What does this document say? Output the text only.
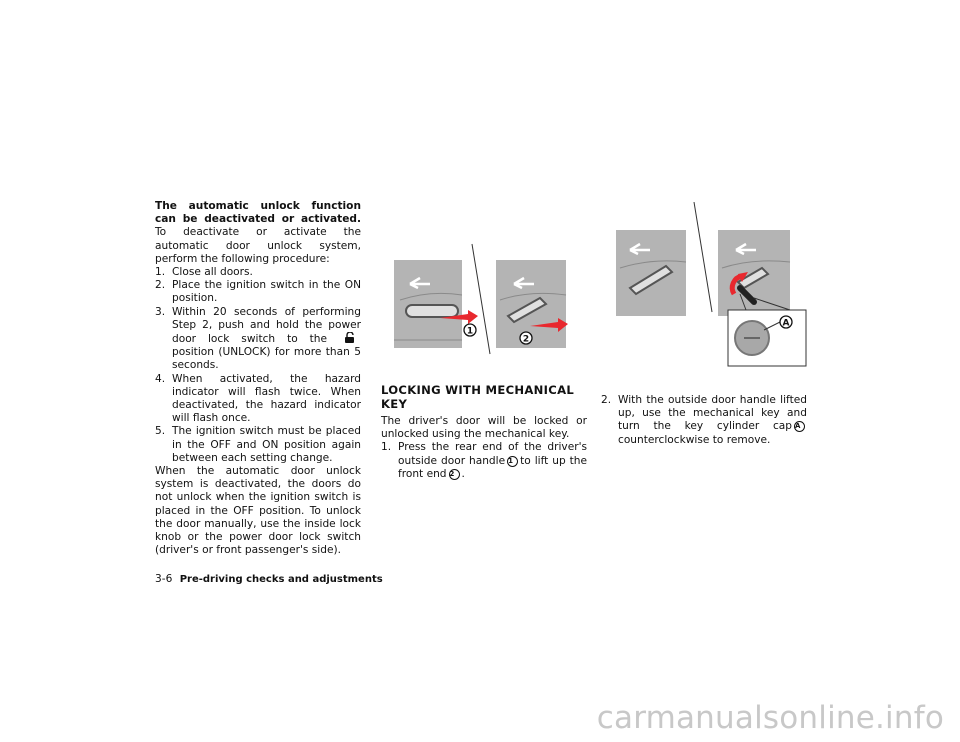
The automatic unlock function can be deactivated or activated. To deactivate or activate the automatic door unlock system, perform the following procedure:

1. Close all doors.
2. Place the ignition switch in the ON position.
3. Within 20 seconds of performing Step 2, push and hold the power door lock switch to the  position (UNLOCK) for more than 5 seconds.
4. When activated, the hazard indicator will flash twice. When deactivated, the hazard indicator will flash once.
5. The ignition switch must be placed in the OFF and ON position again between each setting change.

When the automatic door unlock system is deactivated, the doors do not unlock when the ignition switch is placed in the OFF position. To unlock the door manually, use the inside lock knob or the power door lock switch (driver's or front passenger's side).

1
2

LOCKING WITH MECHANICAL KEY

The driver's door will be locked or unlocked using the mechanical key.

1. Press the rear end of the driver's outside door handle 1 to lift up the front end 2 .
A
2. With the outside door handle lifted up, use the mechanical key and turn the key cylinder cap Acounterclockwise to remove.
3-6 Pre-driving checks and adjustments
carmanualsonline.info
